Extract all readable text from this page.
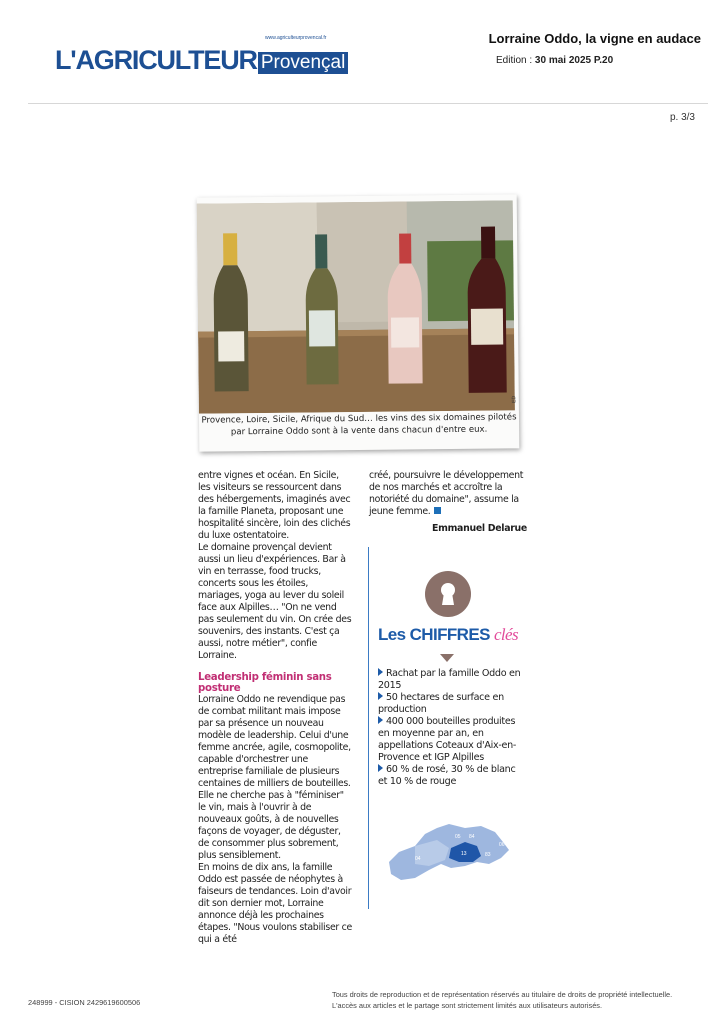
L'AGRICULTEUR Provençal
www.agriculteurprovencal.fr	Lorraine Oddo, la vigne en audace
Edition : 30 mai 2025 P.20
p. 3/3
ED
Provence, Loire, Sicile, Afrique du Sud… les vins des six domaines pilotés par Lorraine Oddo sont à la vente dans chacun d'entre eux.

entre vignes et océan. En Sicile, les visiteurs se ressourcent dans des hébergements, imaginés avec la famille Planeta, proposant une hospitalité sincère, loin des clichés du luxe ostentatoire.

Le domaine provençal devient aussi un lieu d'expériences. Bar à vin en terrasse, food trucks, concerts sous les étoiles, mariages, yoga au lever du soleil face aux Alpilles… "On ne vend pas seulement du vin. On crée des souvenirs, des instants. C'est ça aussi, notre métier", confie Lorraine.

Leadership féminin sans posture

Lorraine Oddo ne revendique pas de combat militant mais impose par sa présence un nouveau modèle de leadership. Celui d'une femme ancrée, agile, cosmopolite, capable d'orchestrer une entreprise familiale de plusieurs centaines de milliers de bouteilles.

Elle ne cherche pas à "féminiser" le vin, mais à l'ouvrir à de nouveaux goûts, à de nouvelles façons de voyager, de déguster, de consommer plus sobrement, plus sensiblement.

En moins de dix ans, la famille Oddo est passée de néophytes à faiseurs de tendances. Loin d'avoir dit son dernier mot, Lorraine annonce déjà les prochaines étapes. "Nous voulons stabiliser ce qui a été

créé, poursuivre le développement de nos marchés et accroître la notoriété du domaine", assume la jeune femme.

Emmanuel Delarue

Les CHIFFRES clés

Rachat par la famille Oddo en 2015

50 hectares de surface en production

400 000 bouteilles produites en moyenne par an, en appellations Coteaux d'Aix-en-Provence et IGP Alpilles

60 % de rosé, 30 % de blanc et 10 % de rouge

04
05 84
83
13
06
248999 - CISION 2429619600506
Tous droits de reproduction et de représentation réservés au titulaire de droits de propriété intellectuelle.
L'accès aux articles et le partage sont strictement limités aux utilisateurs autorisés.
